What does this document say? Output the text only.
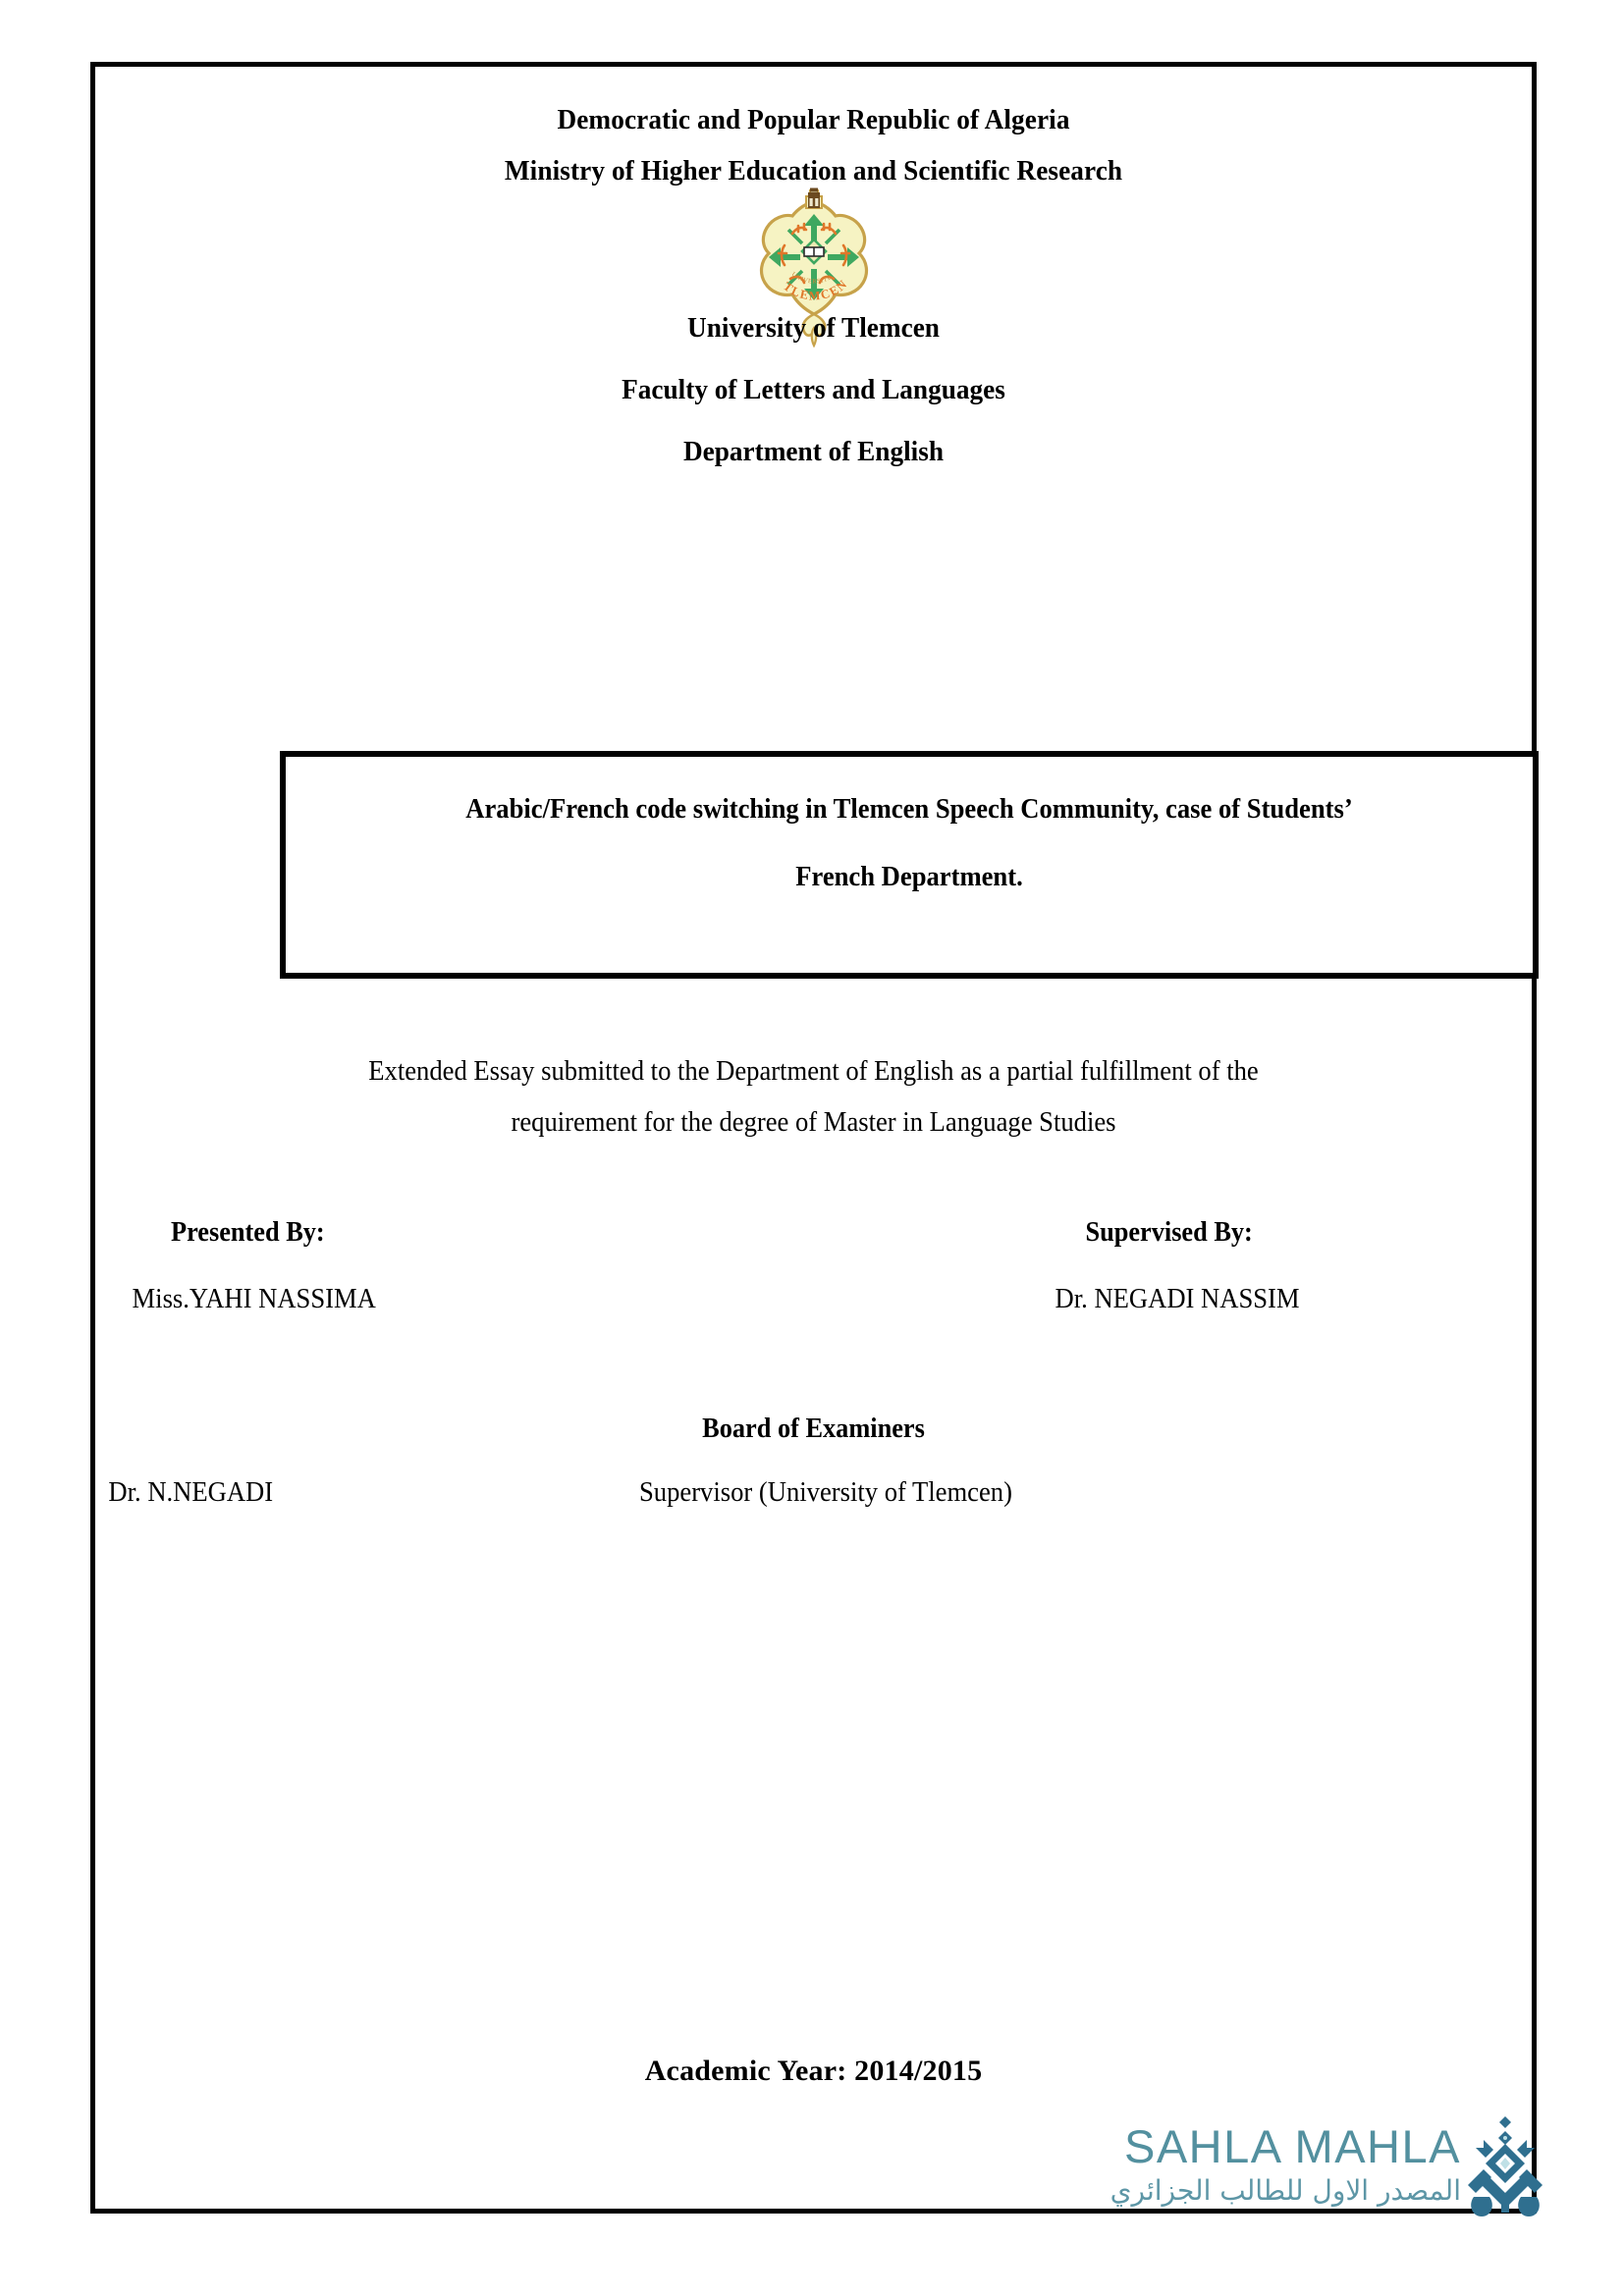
Democratic and Popular Republic of Algeria
Ministry of Higher Education and Scientific Research
TLEMCEN
UNIVERSITE
University of Tlemcen
Faculty of Letters and Languages
Department of English
Arabic/French code switching in Tlemcen Speech Community, case of Students’
French Department.
Extended Essay submitted to the Department of English as a partial fulfillment of the
requirement for the degree of Master in Language Studies
Presented By:	Supervised By:
Miss.YAHI NASSIMA	Dr. NEGADI NASSIM
Board of Examiners
Dr. N.NEGADI	Supervisor (University of Tlemcen)
Academic Year: 2014/2015
SAHLA MAHLA
المصدر الاول للطالب الجزائري
